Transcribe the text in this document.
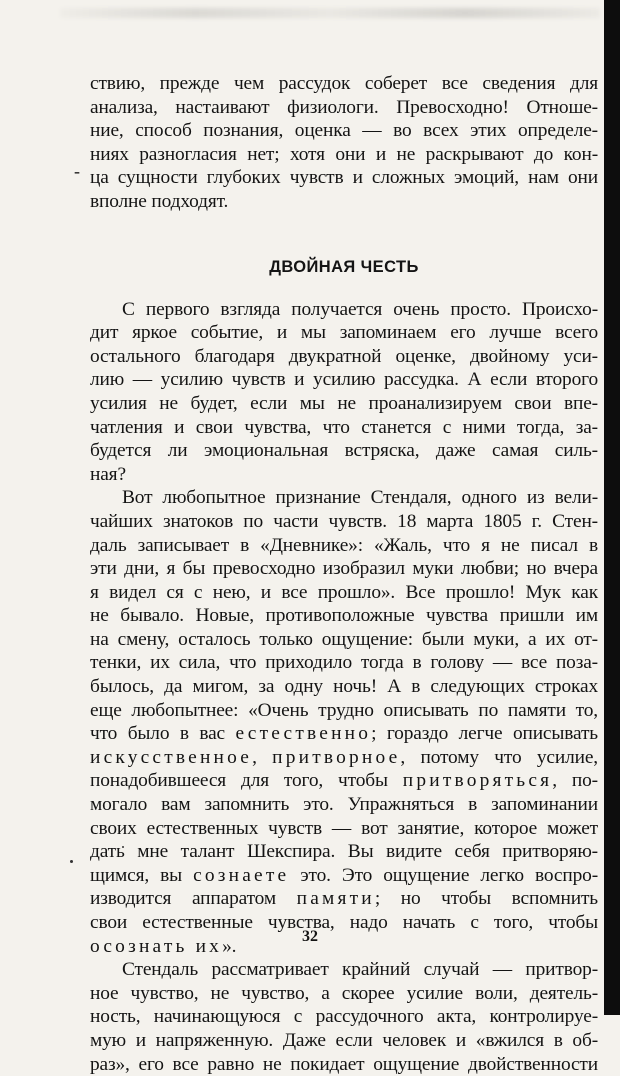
-
ствию, прежде чем рассудок соберет все сведения для
анализа, настаивают физиологи. Превосходно! Отноше-
ние, способ познания, оценка — во всех этих определе-
ниях разногласия нет; хотя они и не раскрывают до кон-
ца сущности глубоких чувств и сложных эмоций, нам они
вполне подходят.
ДВОЙНАЯ ЧЕСТЬ
С первого взгляда получается очень просто. Происхо-
дит яркое событие, и мы запоминаем его лучше всего
остального благодаря двукратной оценке, двойному уси-
лию — усилию чувств и усилию рассудка. А если второго
усилия не будет, если мы не проанализируем свои впе-
чатления и свои чувства, что станется с ними тогда, за-
будется ли эмоциональная встряска, даже самая силь-
ная?
Вот любопытное признание Стендаля, одного из вели-
чайших знатоков по части чувств. 18 марта 1805 г. Стен-
даль записывает в «Дневнике»: «Жаль, что я не писал в
эти дни, я бы превосходно изобразил муки любви; но вчера
я видел ся с нею, и все прошло». Все прошло! Мук как
не бывало. Новые, противоположные чувства пришли им
на смену, осталось только ощущение: были муки, а их от-
тенки, их сила, что приходило тогда в голову — все поза-
былось, да мигом, за одну ночь! А в следующих строках
еще любопытнее: «Очень трудно описывать по памяти то,
что было в вас естественно; гораздо легче описывать
искусственное, притворное, потому что усилие,
понадобившееся для того, чтобы притворяться, по-
могало вам запомнить это. Упражняться в запоминании
своих естественных чувств — вот занятие, которое может
дать мне талант Шекспира. Вы видите себя притворяю-
щимся, вы сознаете это. Это ощущение легко воспро-
изводится аппаратом памяти; но чтобы вспомнить
свои естественные чувства, надо начать с того, чтобы
осознать их».
Стендаль рассматривает крайний случай — притвор-
ное чувство, не чувство, а скорее усилие воли, деятель-
ность, начинающуюся с рассудочного акта, контролируе-
мую и напряженную. Даже если человек и «вжился в об-
раз», его все равно не покидает ощущение двойственности
32
